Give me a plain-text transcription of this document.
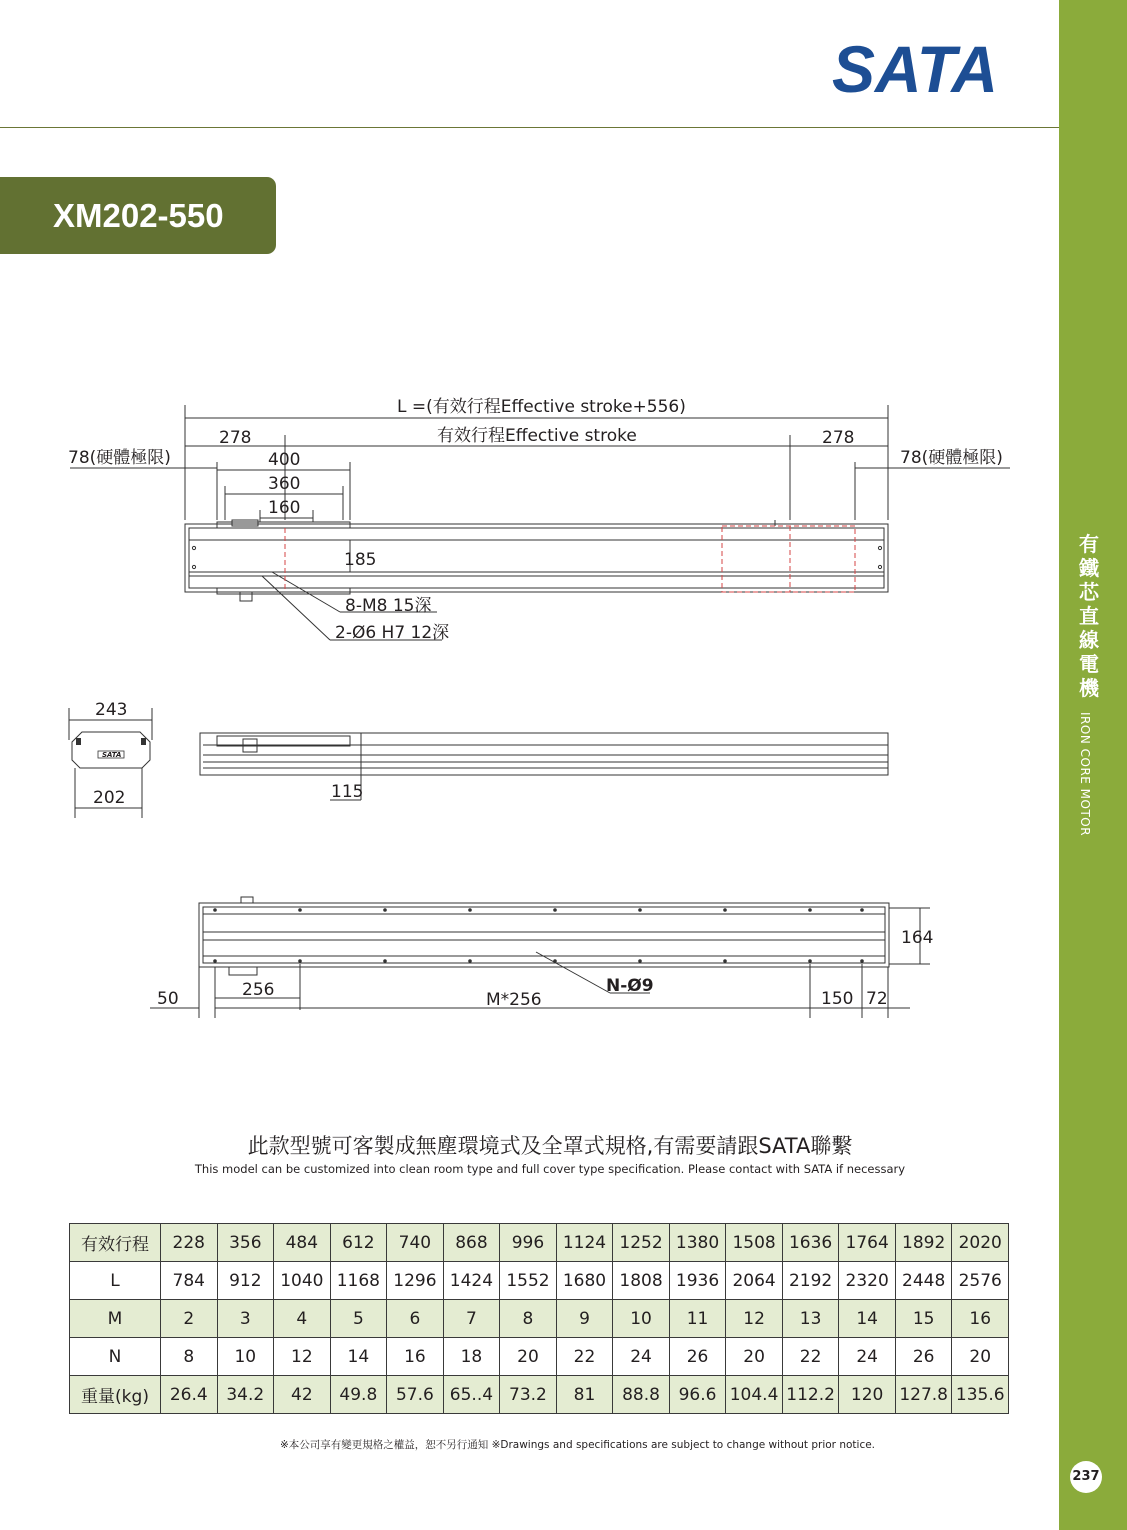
有鐵芯直線電機
IRON CORE MOTOR
237
SATA
XM202-550
L =(有效行程Effective stroke+556)
有效行程Effective stroke
278	278
78(硬體極限)	78(硬體極限)
400
360
160
185
8-M8 15深
2-Ø6 H7 12深
243
202	115
164
50	256	M*256
N-Ø9
150 72
SATA
此款型號可客製成無塵環境式及全罩式規格,有需要請跟SATA聯繫
This model can be customized into clean room type and full cover type specification. Please contact with SATA if necessary
有效行程	228	356	484	612	740	868	996	1124	1252	1380	1508	1636	1764	1892	2020
L	784	912	1040	1168	1296	1424	1552	1680	1808	1936	2064	2192	2320	2448	2576
M	2	3	4	5	6	7	8	9	10	11	12	13	14	15	16
N	8	10	12	14	16	18	20	22	24	26	20	22	24	26	20
重量(kg)	26.4	34.2	42	49.8	57.6	65..4	73.2	81	88.8	96.6	104.4	112.2	120	127.8	135.6
※本公司享有變更規格之權益，恕不另行通知 ※Drawings and specifications are subject to change without prior notice.
